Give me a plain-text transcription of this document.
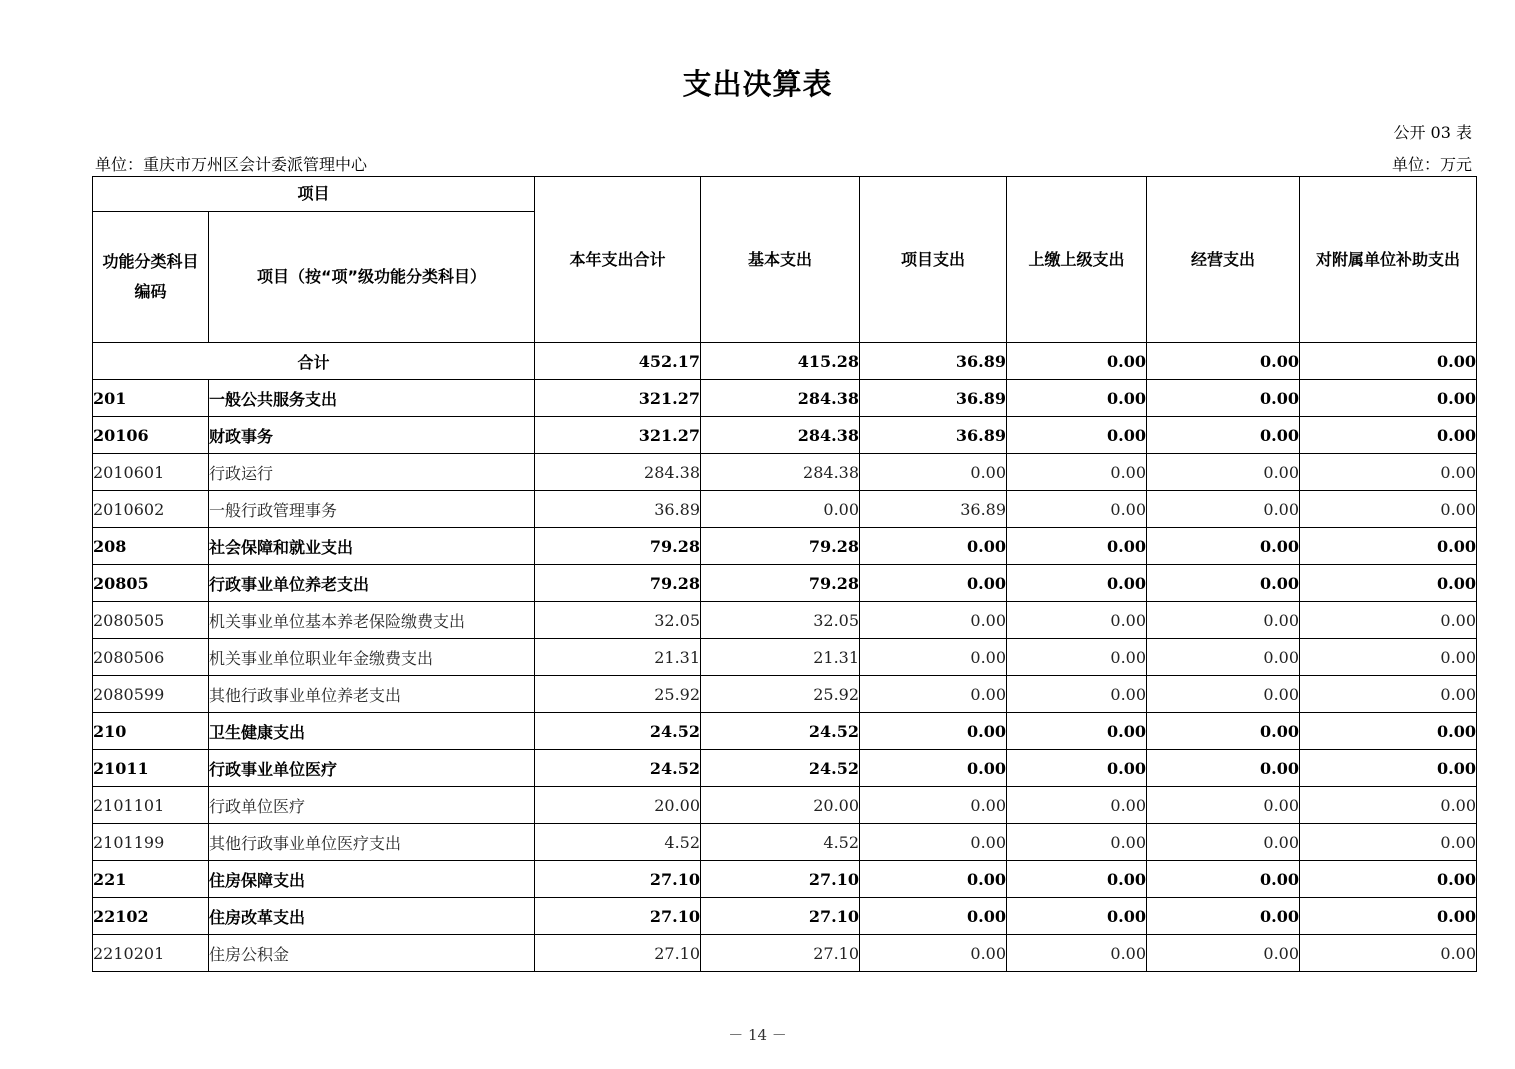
支出决算表
公开 03 表
单位：重庆市万州区会计委派管理中心	单位：万元
项目		本年支出合计	基本支出	项目支出	上缴上级支出	经营支出	对附属单位补助支出
功能分类科目编码	项目（按“项”级功能分类科目）						
合计		452.17	415.28	36.89	0.00	0.00	0.00
201	一般公共服务支出	321.27	284.38	36.89	0.00	0.00	0.00
20106	财政事务	321.27	284.38	36.89	0.00	0.00	0.00
2010601	行政运行	284.38	284.38	0.00	0.00	0.00	0.00
2010602	一般行政管理事务	36.89	0.00	36.89	0.00	0.00	0.00
208	社会保障和就业支出	79.28	79.28	0.00	0.00	0.00	0.00
20805	行政事业单位养老支出	79.28	79.28	0.00	0.00	0.00	0.00
2080505	机关事业单位基本养老保险缴费支出	32.05	32.05	0.00	0.00	0.00	0.00
2080506	机关事业单位职业年金缴费支出	21.31	21.31	0.00	0.00	0.00	0.00
2080599	其他行政事业单位养老支出	25.92	25.92	0.00	0.00	0.00	0.00
210	卫生健康支出	24.52	24.52	0.00	0.00	0.00	0.00
21011	行政事业单位医疗	24.52	24.52	0.00	0.00	0.00	0.00
2101101	行政单位医疗	20.00	20.00	0.00	0.00	0.00	0.00
2101199	其他行政事业单位医疗支出	4.52	4.52	0.00	0.00	0.00	0.00
221	住房保障支出	27.10	27.10	0.00	0.00	0.00	0.00
22102	住房改革支出	27.10	27.10	0.00	0.00	0.00	0.00
2210201	住房公积金	27.10	27.10	0.00	0.00	0.00	0.00
－ 14 －
